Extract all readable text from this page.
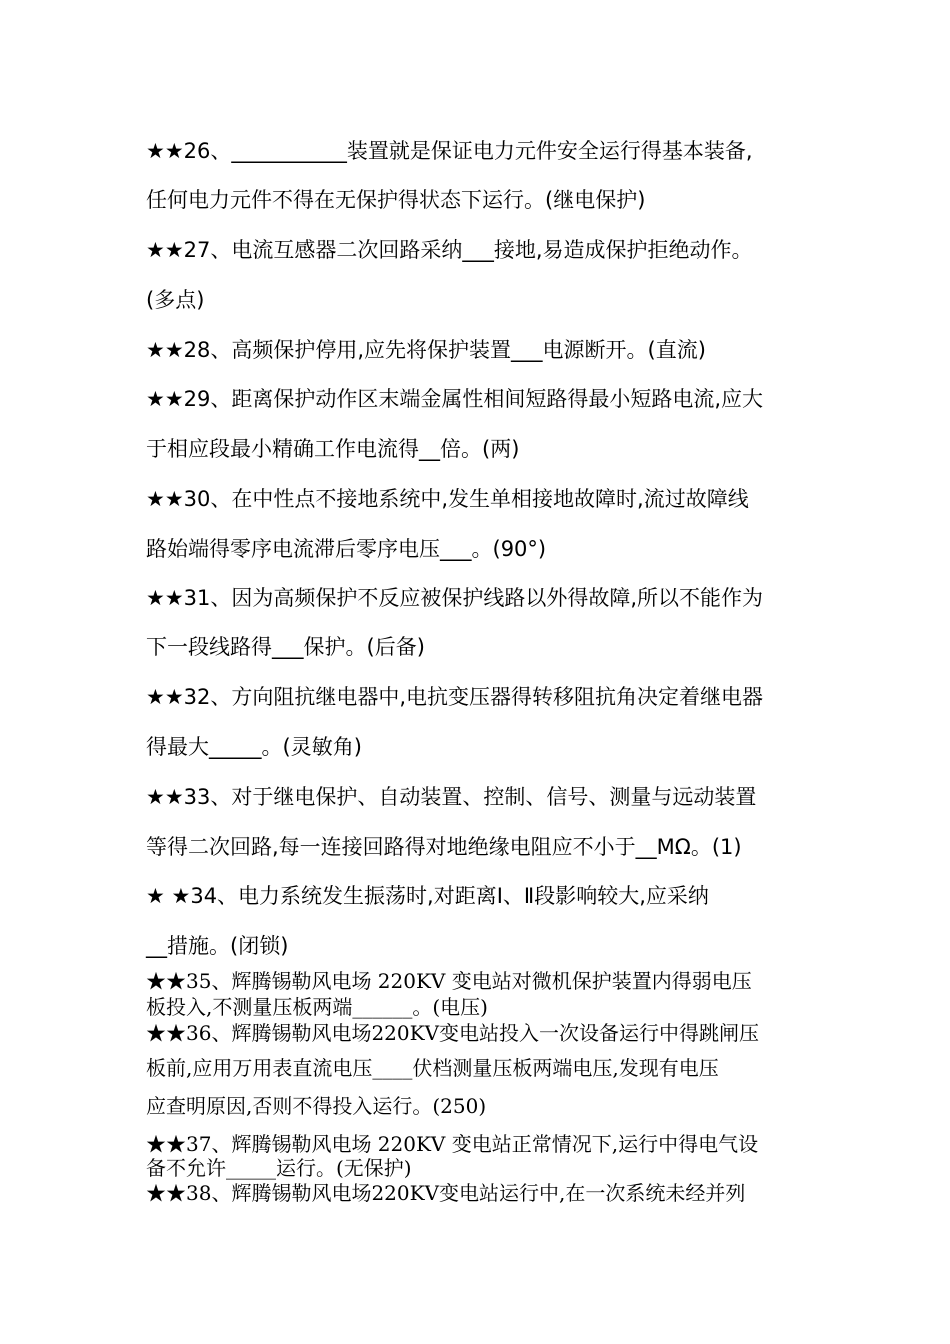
★★26、___________装置就是保证电力元件安全运行得基本装备,
任何电力元件不得在无保护得状态下运行。(继电保护)
★★27、电流互感器二次回路采纳___接地,易造成保护拒绝动作。
(多点)
★★28、高频保护停用,应先将保护装置___电源断开。(直流)
★★29、距离保护动作区末端金属性相间短路得最小短路电流,应大
于相应段最小精确工作电流得__倍。(两)
★★30、在中性点不接地系统中,发生单相接地故障时,流过故障线
路始端得零序电流滞后零序电压___。(90°)
★★31、因为高频保护不反应被保护线路以外得故障,所以不能作为
下一段线路得___保护。(后备)
★★32、方向阻抗继电器中,电抗变压器得转移阻抗角决定着继电器
得最大_____。(灵敏角)
★★33、对于继电保护、自动装置、控制、信号、测量与远动装置
等得二次回路,每一连接回路得对地绝缘电阻应不小于__MΩ。(1)
★ ★34、电力系统发生振荡时,对距离Ⅰ、Ⅱ段影响较大,应采纳
__措施。(闭锁)
★★35、辉腾锡勒风电场 220KV 变电站对微机保护装置内得弱电压
板投入,不测量压板两端______。(电压)
★★36、辉腾锡勒风电场220KV变电站投入一次设备运行中得跳闸压
板前,应用万用表直流电压____伏档测量压板两端电压,发现有电压
应查明原因,否则不得投入运行。(250)
★★37、辉腾锡勒风电场 220KV 变电站正常情况下,运行中得电气设
备不允许_____运行。(无保护)
★★38、辉腾锡勒风电场220KV变电站运行中,在一次系统未经并列
